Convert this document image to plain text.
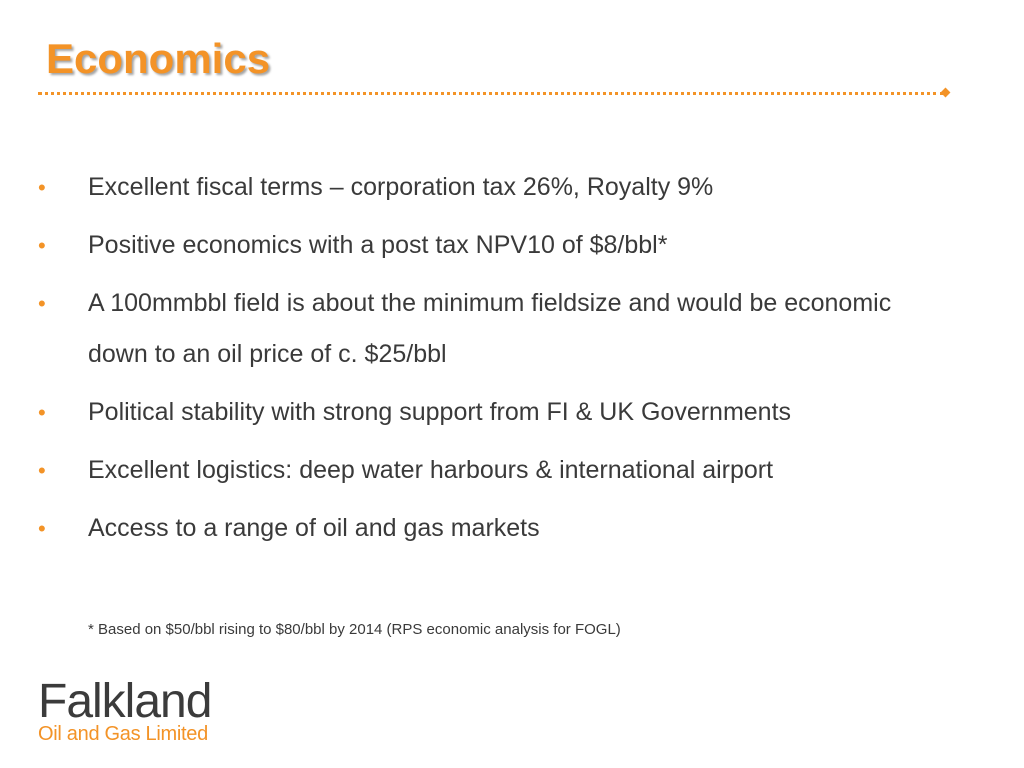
Economics
• Excellent fiscal terms – corporation tax 26%, Royalty 9%
• Positive economics with a post tax NPV10 of $8/bbl*
• A 100mmbbl field is about the minimum fieldsize and would be economic down to an oil price of c. $25/bbl
• Political stability with strong support from FI & UK Governments
• Excellent logistics: deep water harbours & international airport
• Access to a range of oil and gas markets
* Based on $50/bbl rising to $80/bbl by 2014 (RPS economic analysis for FOGL)
Falkland
Oil and Gas Limited
